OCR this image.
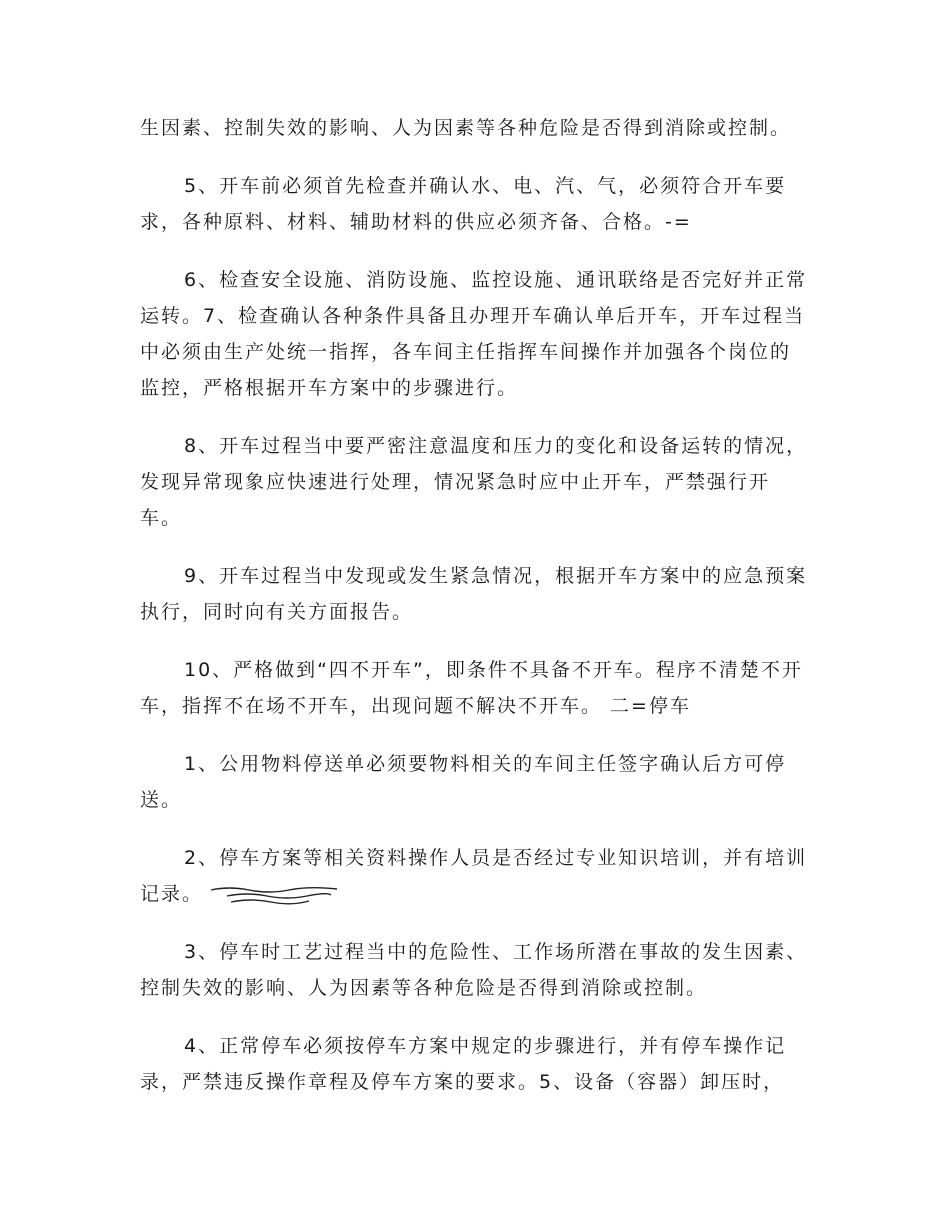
生因素、控制失效的影响、人为因素等各种危险是否得到消除或控制。

5、开车前必须首先检查并确认水、电、汽、气，必须符合开车要求，各种原料、材料、辅助材料的供应必须齐备、合格。-=

6、检查安全设施、消防设施、监控设施、通讯联络是否完好并正常运转。7、检查确认各种条件具备且办理开车确认单后开车，开车过程当中必须由生产处统一指挥，各车间主任指挥车间操作并加强各个岗位的监控，严格根据开车方案中的步骤进行。

8、开车过程当中要严密注意温度和压力的变化和设备运转的情况，发现异常现象应快速进行处理，情况紧急时应中止开车，严禁强行开车。

9、开车过程当中发现或发生紧急情况，根据开车方案中的应急预案执行，同时向有关方面报告。

10、严格做到“四不开车”，即条件不具备不开车。程序不清楚不开车，指挥不在场不开车，出现问题不解决不开车。 二=停车

1、公用物料停送单必须要物料相关的车间主任签字确认后方可停送。

2、停车方案等相关资料操作人员是否经过专业知识培训，并有培训记录。

3、停车时工艺过程当中的危险性、工作场所潜在事故的发生因素、控制失效的影响、人为因素等各种危险是否得到消除或控制。

4、正常停车必须按停车方案中规定的步骤进行，并有停车操作记录，严禁违反操作章程及停车方案的要求。5、设备（容器）卸压时，
